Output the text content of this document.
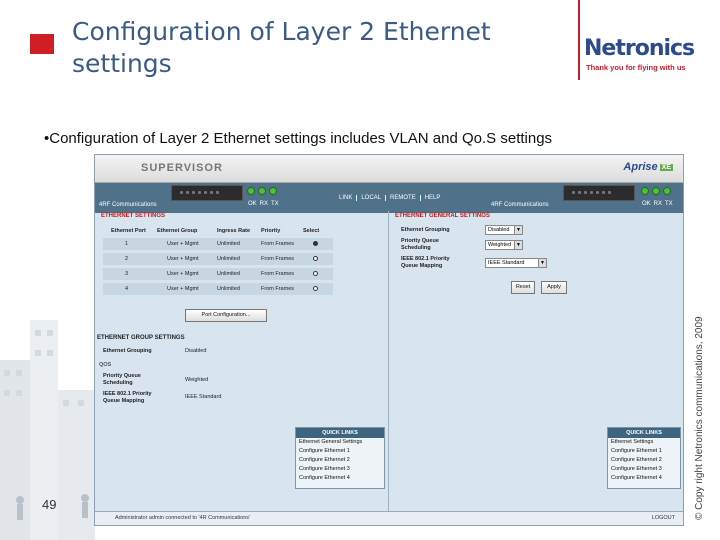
Configuration of Layer 2 Ethernet settings
Netronics
Thank you for flying with us
•Configuration of Layer 2 Ethernet settings includes VLAN and Qo.S settings
49	© Copy right Netronics communications, 2009
SUPERVISOR	Aprise XE
OK RX TX
4RF Communications
LINK	LOCAL	REMOTE	HELP
OK RX TX
4RF Communications
ETHERNET SETTINGS
Ethernet Port	Ethernet Group	Ingress Rate	Priority	Select
1	User + Mgmt	Unlimited	From Frames
2	User + Mgmt	Unlimited	From Frames
3	User + Mgmt	Unlimited	From Frames
4	User + Mgmt	Unlimited	From Frames
Port Configuration...
ETHERNET GROUP SETTINGS
Ethernet Grouping	Disabled
QOS
Priority Queue Scheduling	Weighted
IEEE 802.1 Priority Queue Mapping
IEEE Standard
ETHERNET GENERAL SETTINGS
Ethernet Grouping	Disabled	▼
Priority Queue Scheduling	Weighted ▼
IEEE 802.1 Priority Queue Mapping	IEEE Standard	▼
Reset	Apply
QUICK LINKS
Ethernet General Settings
Configure Ethernet 1
Configure Ethernet 2
Configure Ethernet 3
Configure Ethernet 4
QUICK LINKS
Ethernet Settings
Configure Ethernet 1
Configure Ethernet 2
Configure Ethernet 3
Configure Ethernet 4
Administrator admin connected to '4R Communications'	LOGOUT
